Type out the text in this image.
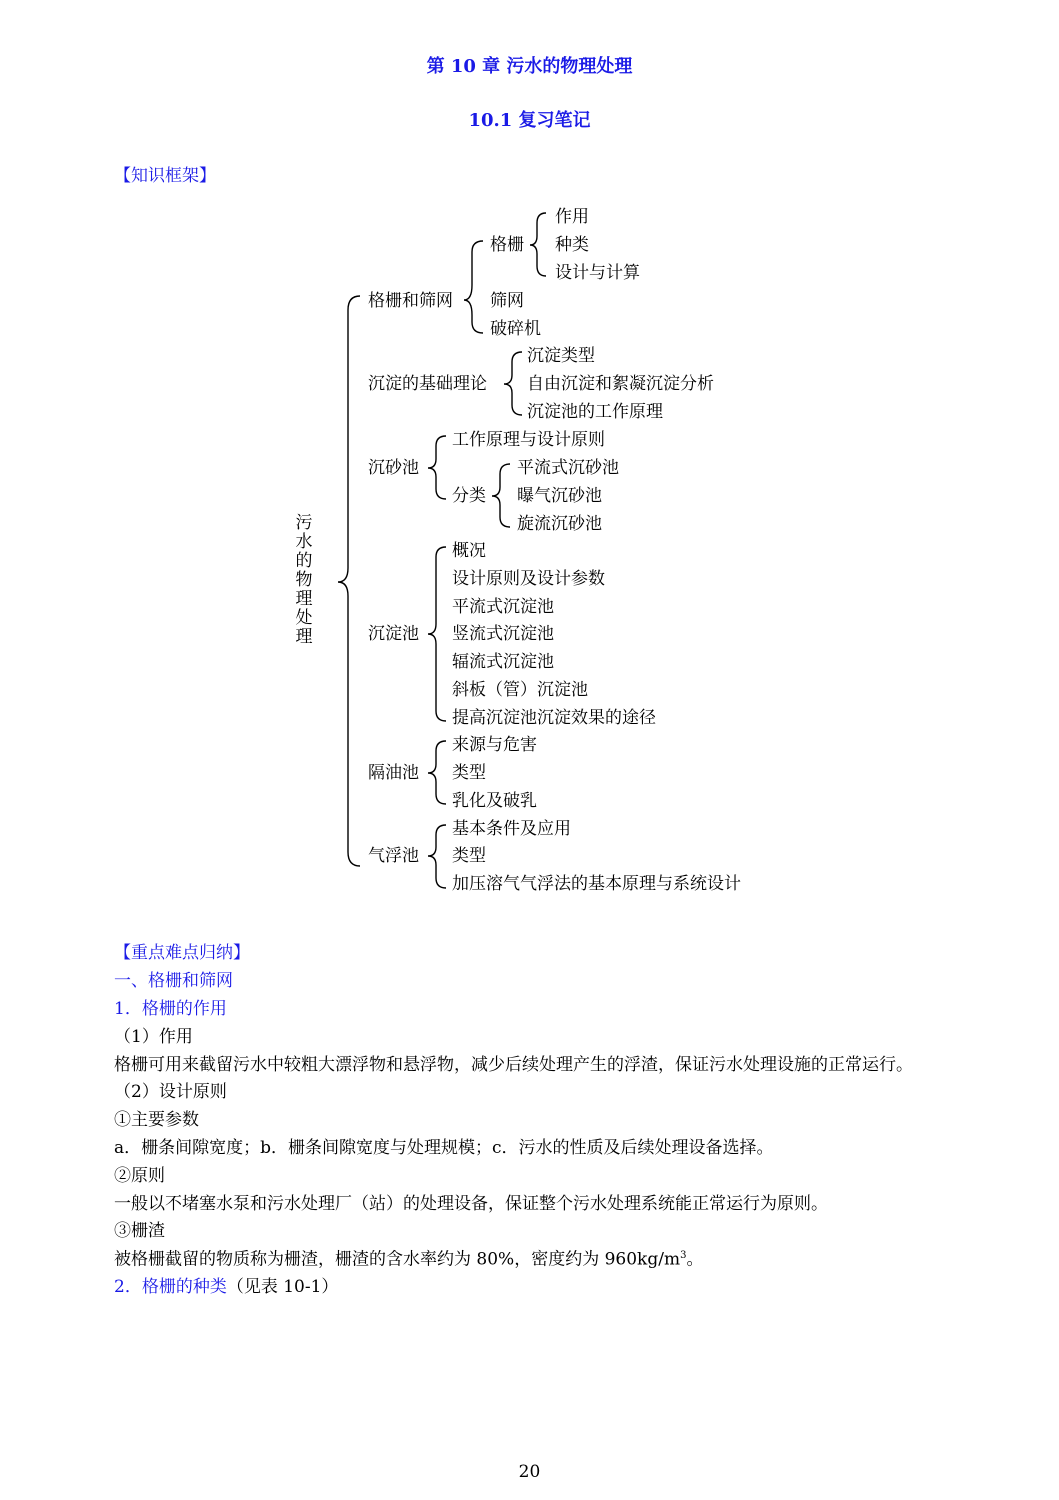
第 10 章 污水的物理处理
10.1 复习笔记
【知识框架】
污
水
的
物
理
处
理
格栅和筛网
沉淀的基础理论
沉砂池
沉淀池
隔油池
气浮池
格栅
作用
种类
设计与计算
筛网
破碎机
沉淀类型
自由沉淀和絮凝沉淀分析
沉淀池的工作原理
工作原理与设计原则
分类
平流式沉砂池
曝气沉砂池
旋流沉砂池
概况
设计原则及设计参数
平流式沉淀池
竖流式沉淀池
辐流式沉淀池
斜板（管）沉淀池
提高沉淀池沉淀效果的途径
来源与危害
类型
乳化及破乳
基本条件及应用
类型
加压溶气气浮法的基本原理与系统设计
【重点难点归纳】
一、格栅和筛网
1．格栅的作用
（1）作用
格栅可用来截留污水中较粗大漂浮物和悬浮物，减少后续处理产生的浮渣，保证污水处理设施的正常运行。
（2）设计原则
①主要参数
a．栅条间隙宽度；b．栅条间隙宽度与处理规模；c．污水的性质及后续处理设备选择。
②原则
一般以不堵塞水泵和污水处理厂（站）的处理设备，保证整个污水处理系统能正常运行为原则。
③栅渣
被格栅截留的物质称为栅渣，栅渣的含水率约为 80%，密度约为 $960kg/m^3$。
2．格栅的种类（见表 10-1）
20
